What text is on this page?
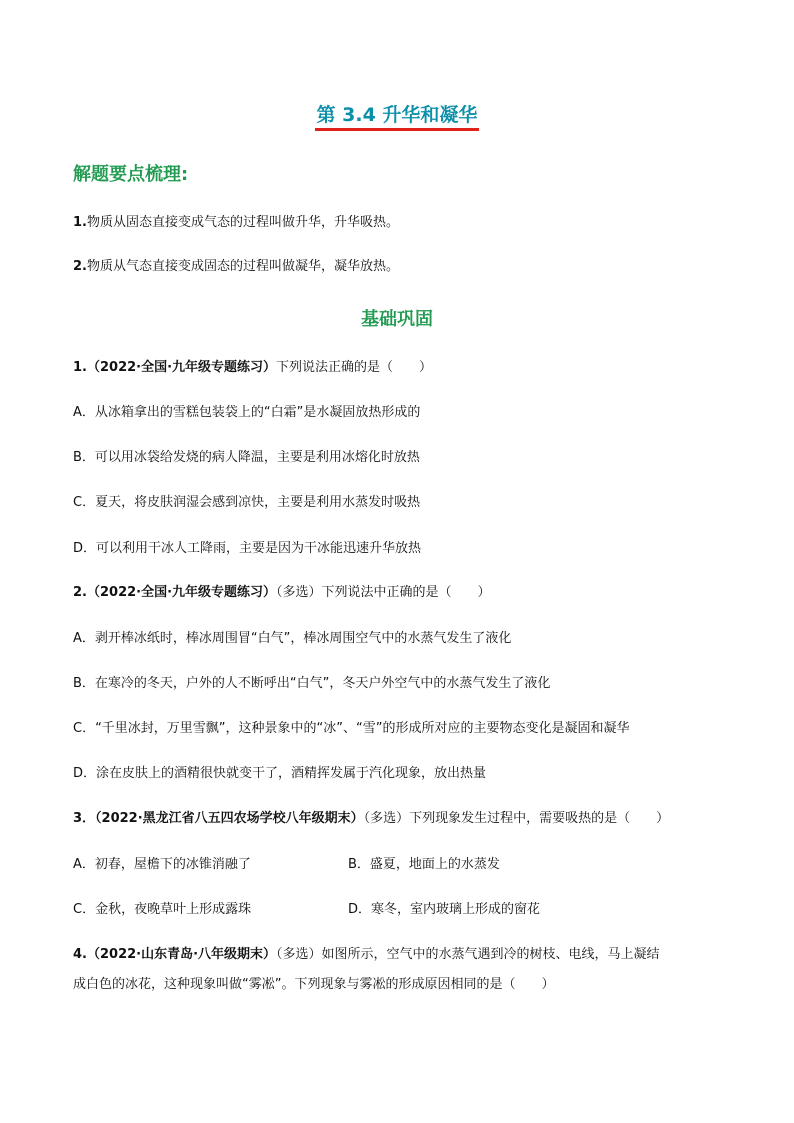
第 3.4 升华和凝华
解题要点梳理:
1.物质从固态直接变成气态的过程叫做升华，升华吸热。
2.物质从气态直接变成固态的过程叫做凝华，凝华放热。
基础巩固
1.（2022·全国·九年级专题练习）下列说法正确的是（　　）
A．从冰箱拿出的雪糕包装袋上的“白霜”是水凝固放热形成的
B．可以用冰袋给发烧的病人降温，主要是利用冰熔化时放热
C．夏天，将皮肤润湿会感到凉快，主要是利用水蒸发时吸热
D．可以利用干冰人工降雨，主要是因为干冰能迅速升华放热
2.（2022·全国·九年级专题练习）（多选）下列说法中正确的是（　　）
A．剥开棒冰纸时，棒冰周围冒“白气”，棒冰周围空气中的水蒸气发生了液化
B．在寒冷的冬天，户外的人不断呼出“白气”，冬天户外空气中的水蒸气发生了液化
C．“千里冰封，万里雪飘”，这种景象中的“冰”、“雪”的形成所对应的主要物态变化是凝固和凝华
D．涂在皮肤上的酒精很快就变干了，酒精挥发属于汽化现象，放出热量
3．（2022·黑龙江省八五四农场学校八年级期末）（多选）下列现象发生过程中，需要吸热的是（　　）
A．初春，屋檐下的冰锥消融了	B．盛夏，地面上的水蒸发
C．金秋，夜晚草叶上形成露珠	D．寒冬，室内玻璃上形成的窗花
4.（2022·山东青岛·八年级期末）（多选）如图所示，空气中的水蒸气遇到冷的树枝、电线，马上凝结
成白色的冰花，这种现象叫做“雾凇”。下列现象与雾凇的形成原因相同的是（　　）
